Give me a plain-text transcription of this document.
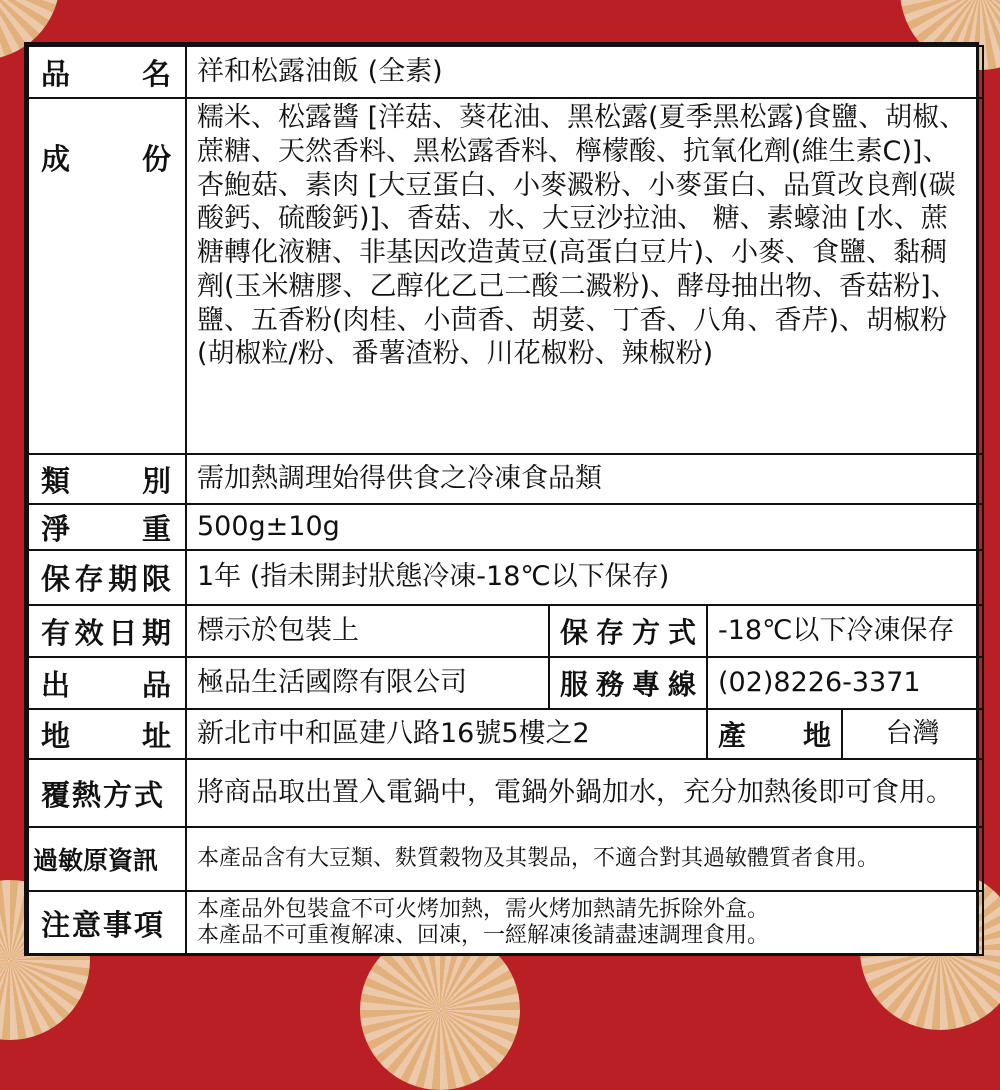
品名	祥和松露油飯 (全素)			
成份	糯米、松露醬 [洋菇、葵花油、黑松露(夏季黑松露)食鹽、胡椒、蔗糖、天然香料、黑松露香料、檸檬酸、抗氧化劑(維生素C)]、杏鮑菇、素肉 [大豆蛋白、小麥澱粉、小麥蛋白、品質改良劑(碳酸鈣、硫酸鈣)]、香菇、水、大豆沙拉油、 糖、素蠔油 [水、蔗糖轉化液糖、非基因改造黃豆(高蛋白豆片)、小麥、食鹽、黏稠劑(玉米糖膠、乙醇化乙己二酸二澱粉)、酵母抽出物、香菇粉]、鹽、五香粉(肉桂、小茴香、胡荽、丁香、八角、香芹)、胡椒粉(胡椒粒/粉、番薯渣粉、川花椒粉、辣椒粉)			
類別	需加熱調理始得供食之冷凍食品類			
淨重	500g±10g			
保存期限	1年 (指未開封狀態冷凍-18℃以下保存)			
有效日期	標示於包裝上	保存方式	-18℃以下冷凍保存	
出品	極品生活國際有限公司	服務專線	(02)8226-3371	
地址	新北市中和區建八路16號5樓之2		產地	台灣
覆熱方式	將商品取出置入電鍋中，電鍋外鍋加水，充分加熱後即可食用。			
過敏原資訊	本產品含有大豆類、麩質穀物及其製品，不適合對其過敏體質者食用。			
注意事項	本產品外包裝盒不可火烤加熱，需火烤加熱請先拆除外盒。
本產品不可重複解凍、回凍，一經解凍後請盡速調理食用。			
